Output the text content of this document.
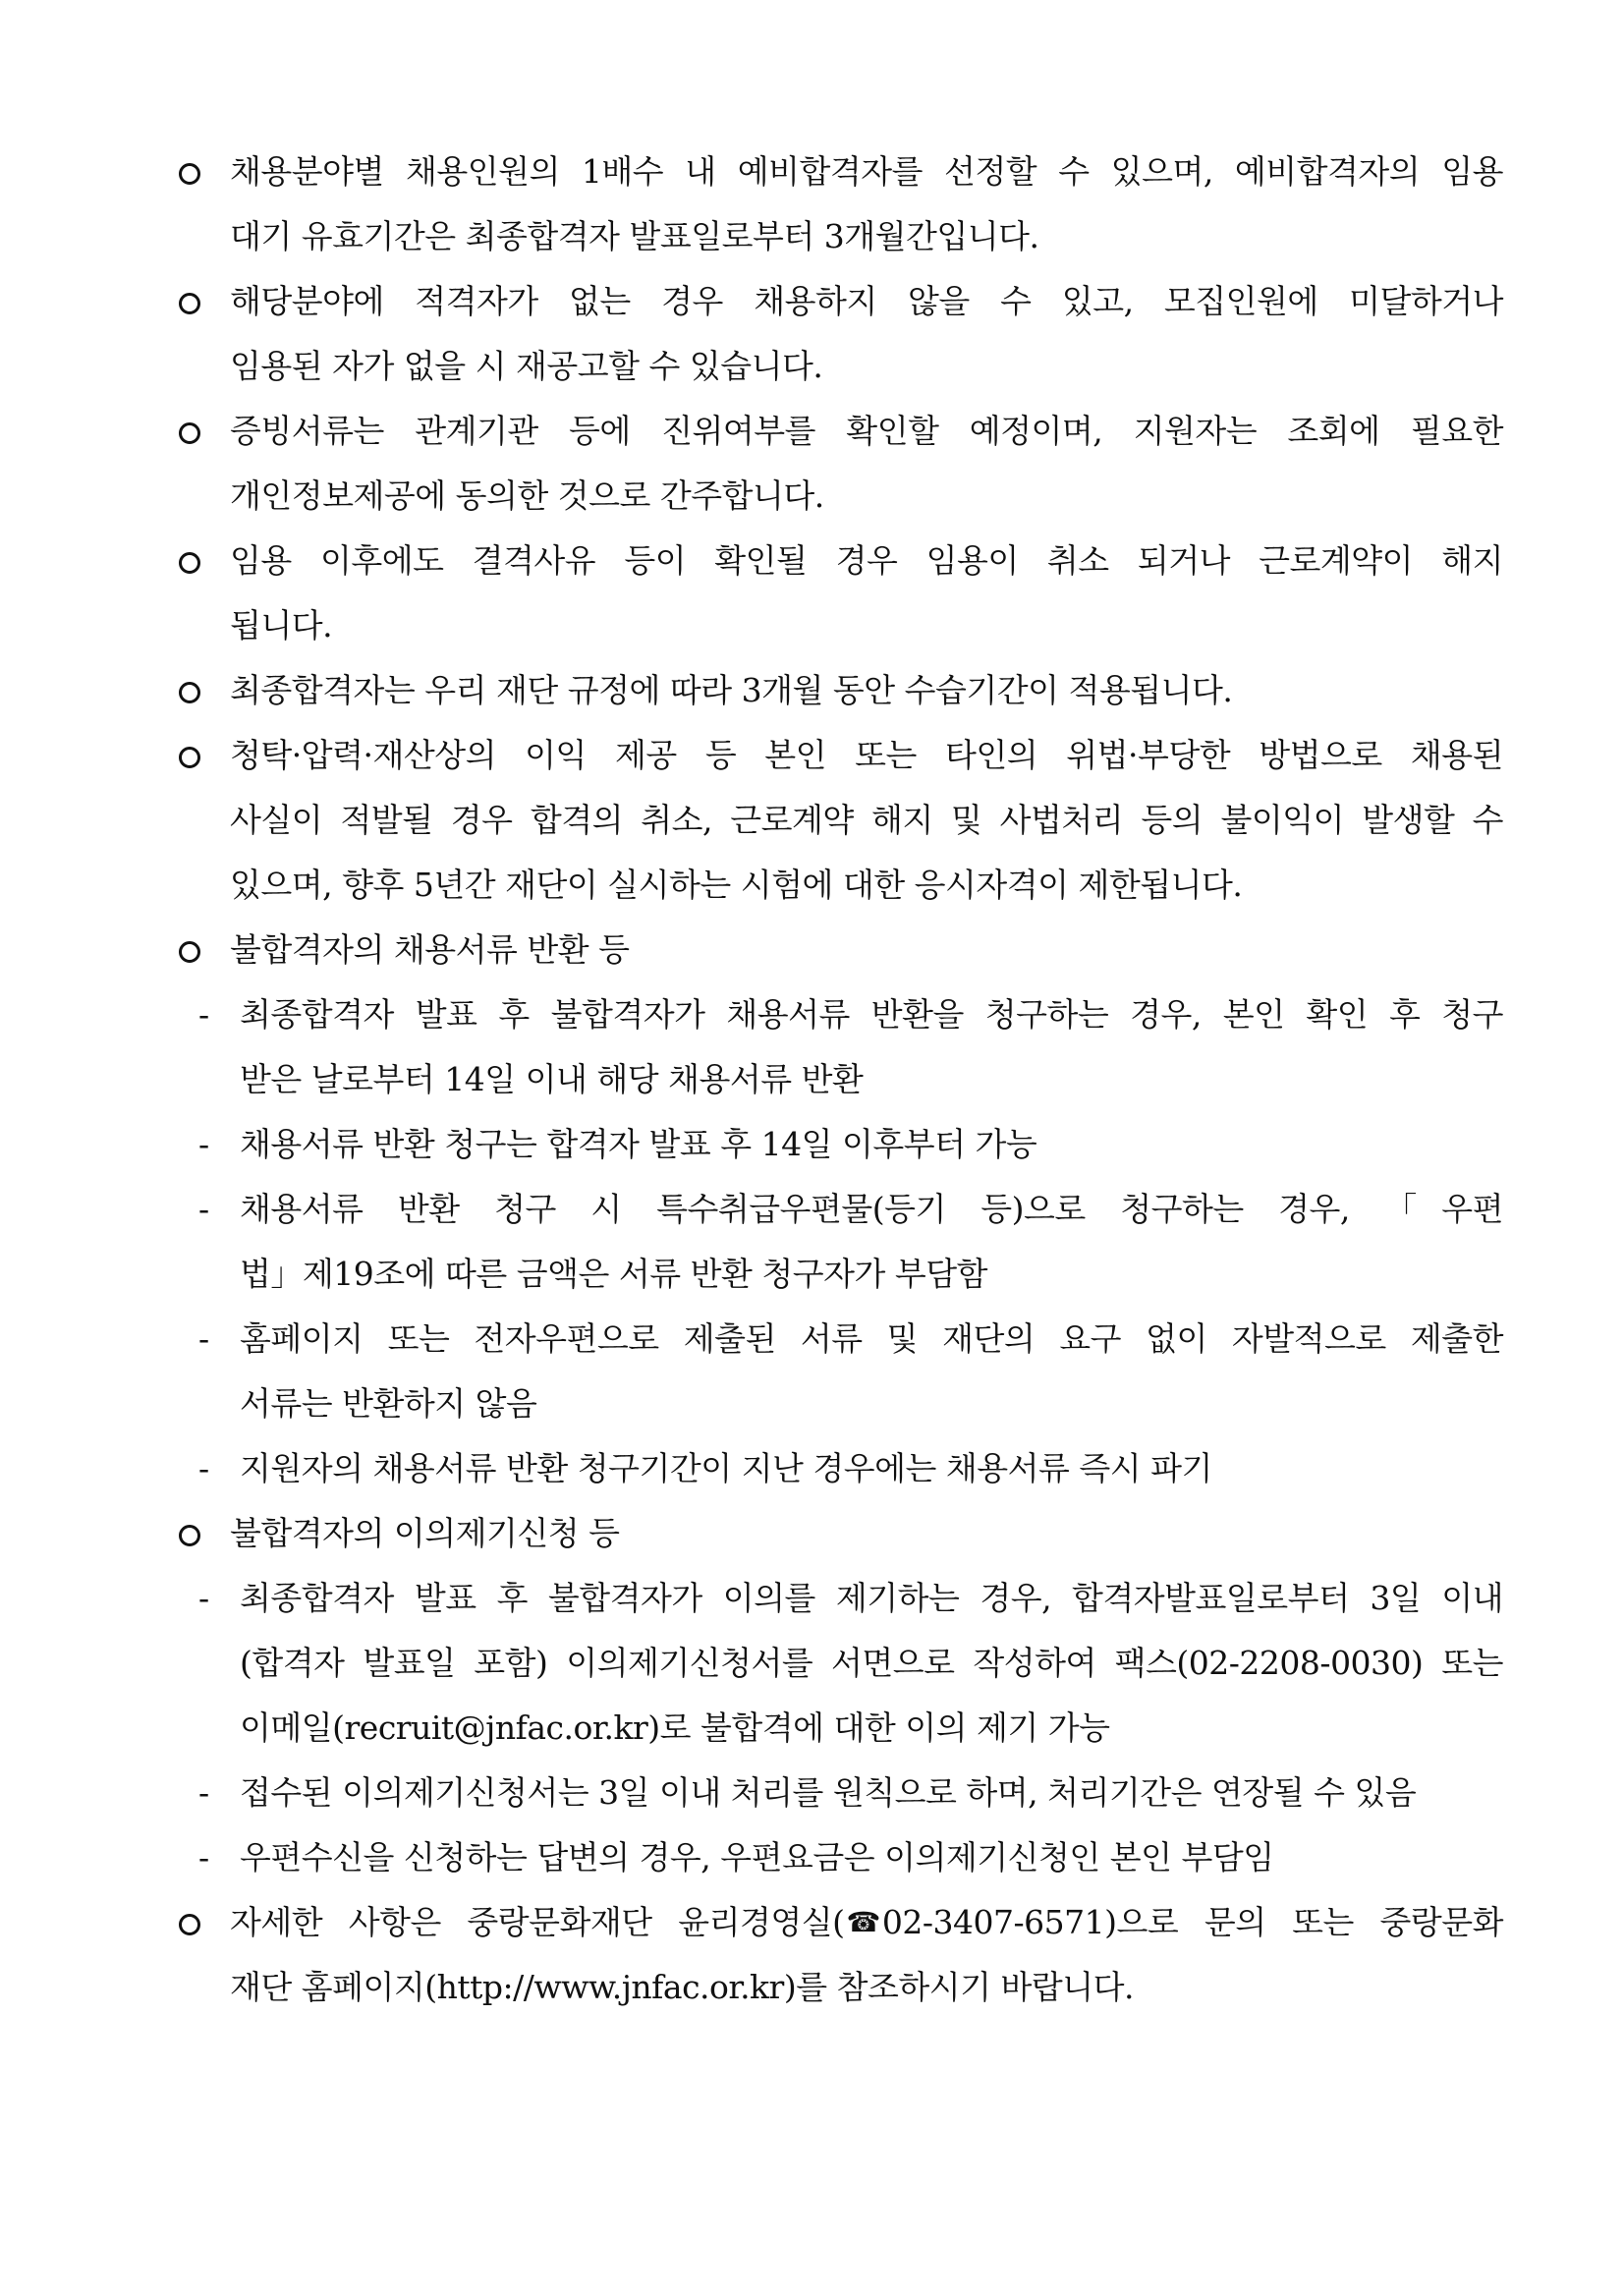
채용분야별 채용인원의 1배수 내 예비합격자를 선정할 수 있으며, 예비합격자의 임용
대기 유효기간은 최종합격자 발표일로부터 3개월간입니다.
해당분야에 적격자가 없는 경우 채용하지 않을 수 있고, 모집인원에 미달하거나
임용된 자가 없을 시 재공고할 수 있습니다.
증빙서류는 관계기관 등에 진위여부를 확인할 예정이며, 지원자는 조회에 필요한
개인정보제공에 동의한 것으로 간주합니다.
임용 이후에도 결격사유 등이 확인될 경우 임용이 취소 되거나 근로계약이 해지
됩니다.
최종합격자는 우리 재단 규정에 따라 3개월 동안 수습기간이 적용됩니다.
청탁·압력·재산상의 이익 제공 등 본인 또는 타인의 위법·부당한 방법으로 채용된
사실이 적발될 경우 합격의 취소, 근로계약 해지 및 사법처리 등의 불이익이 발생할 수
있으며, 향후 5년간 재단이 실시하는 시험에 대한 응시자격이 제한됩니다.
불합격자의 채용서류 반환 등
- 최종합격자 발표 후 불합격자가 채용서류 반환을 청구하는 경우, 본인 확인 후 청구
받은 날로부터 14일 이내 해당 채용서류 반환
- 채용서류 반환 청구는 합격자 발표 후 14일 이후부터 가능
- 채용서류 반환 청구 시 특수취급우편물(등기 등)으로 청구하는 경우, 「우편
법」제19조에 따른 금액은 서류 반환 청구자가 부담함
- 홈페이지 또는 전자우편으로 제출된 서류 및 재단의 요구 없이 자발적으로 제출한
서류는 반환하지 않음
- 지원자의 채용서류 반환 청구기간이 지난 경우에는 채용서류 즉시 파기
불합격자의 이의제기신청 등
- 최종합격자 발표 후 불합격자가 이의를 제기하는 경우, 합격자발표일로부터 3일 이내
(합격자 발표일 포함) 이의제기신청서를 서면으로 작성하여 팩스(02-2208-0030) 또는
이메일(recruit@jnfac.or.kr)로 불합격에 대한 이의 제기 가능
- 접수된 이의제기신청서는 3일 이내 처리를 원칙으로 하며, 처리기간은 연장될 수 있음
- 우편수신을 신청하는 답변의 경우, 우편요금은 이의제기신청인 본인 부담임
자세한 사항은 중랑문화재단 윤리경영실(☎02-3407-6571)으로 문의 또는 중랑문화
재단 홈페이지(http://www.jnfac.or.kr)를 참조하시기 바랍니다.
